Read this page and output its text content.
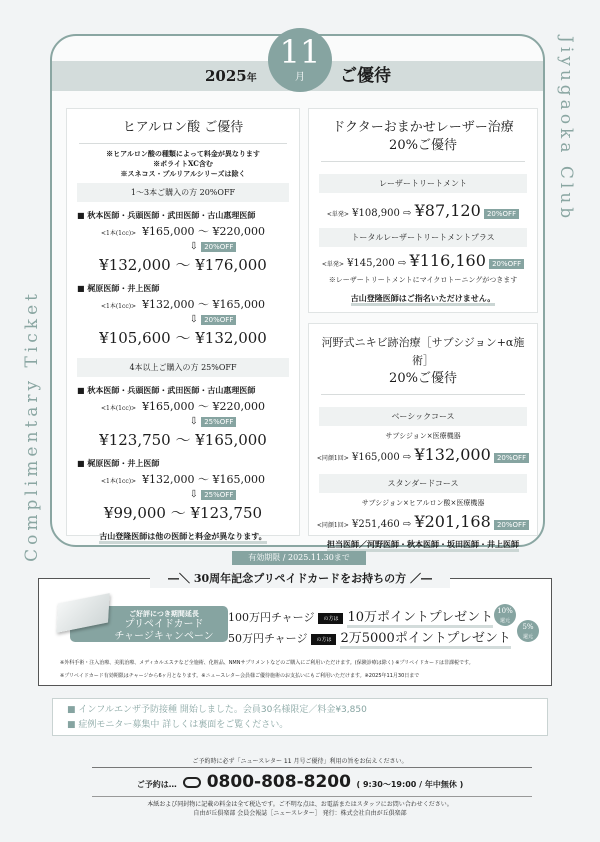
2025年
11
月	ご優待	Jiyugaoka Club
Complimentary Ticket
ヒアルロン酸 ご優待
※ヒアルロン酸の種類によって料金が異なります
※ボライトXC含む
※スネコス・プルリアルシリーズは除く
1〜3本ご購入の方 20%OFF
■ 秋本医師・兵頭医師・武田医師・古山惠理医師
<1本(1cc)> ¥165,000 〜 ¥220,000
⇩ 20%OFF
¥132,000 〜 ¥176,000
■ 梶原医師・井上医師
<1本(1cc)> ¥132,000 〜 ¥165,000
⇩ 20%OFF
¥105,600 〜 ¥132,000
4本以上ご購入の方 25%OFF
■ 秋本医師・兵頭医師・武田医師・古山惠理医師
<1本(1cc)> ¥165,000 〜 ¥220,000
⇩ 25%OFF
¥123,750 〜 ¥165,000
■ 梶原医師・井上医師
<1本(1cc)> ¥132,000 〜 ¥165,000
⇩ 25%OFF
¥99,000 〜 ¥123,750
古山登隆医師は他の医師と料金が異なります。
ドクターおまかせレーザー治療
20%ご優待
レーザートリートメント
<単発> ¥108,900 ⇨ ¥87,120 20%OFF
トータルレーザートリートメントプラス
<単発> ¥145,200 ⇨ ¥116,160 20%OFF
※レーザートリートメントにマイクロトーニングがつきます
古山登隆医師はご指名いただけません。
河野式ニキビ跡治療［サブシジョン+α施術］
20%ご優待
ベーシックコース
サブシジョン×医療機器
<同顔1回> ¥165,000 ⇨ ¥132,000 20%OFF
スタンダードコース
サブシジョン×ヒアルロン酸×医療機器
<同顔1回> ¥251,460 ⇨ ¥201,168 20%OFF
担当医師／河野医師・秋本医師・坂田医師・井上医師
有効期限 / 2025.11.30まで
―＼ 30周年記念プリペイドカードをお持ちの方 ／―
ご好評につき期間延長
プリペイドカード
チャージキャンペーン
100万円チャージ の方は 10万ポイントプレゼント 10%
還元
50万円チャージ の方は 2万5000ポイントプレゼント
5%
還元
※外科手術・注入治療、美肌治療、メディカルエステなど全施術、化粧品、NMNサプリメントなどのご購入にご利用いただけます。(保険診療は除く) ※プリペイドカードは非課税です。
※プリペイドカード有効期限はチャージから6ヶ月となります。※ニュースレター会員様ご優待施術のお支払いにもご利用いただけます。※2025年11月30日まで
■ インフルエンザ予防接種 開始しました。会員30名様限定／料金¥3,850
■ 症例モニター募集中 詳しくは裏面をご覧ください。
ご予約時に必ず「ニュースレター 11 月号ご優待」利用の旨をお伝えください。
ご予約は… 0800-808-8200 ( 9:30〜19:00 / 年中無休 )
本紙および同封物に記載の料金は全て税込です。ご不明な点は、お電話またはスタッフにお問い合わせください。
自由が丘倶楽部 会員会報誌［ニュースレター］ 発行：株式会社自由が丘倶楽部
